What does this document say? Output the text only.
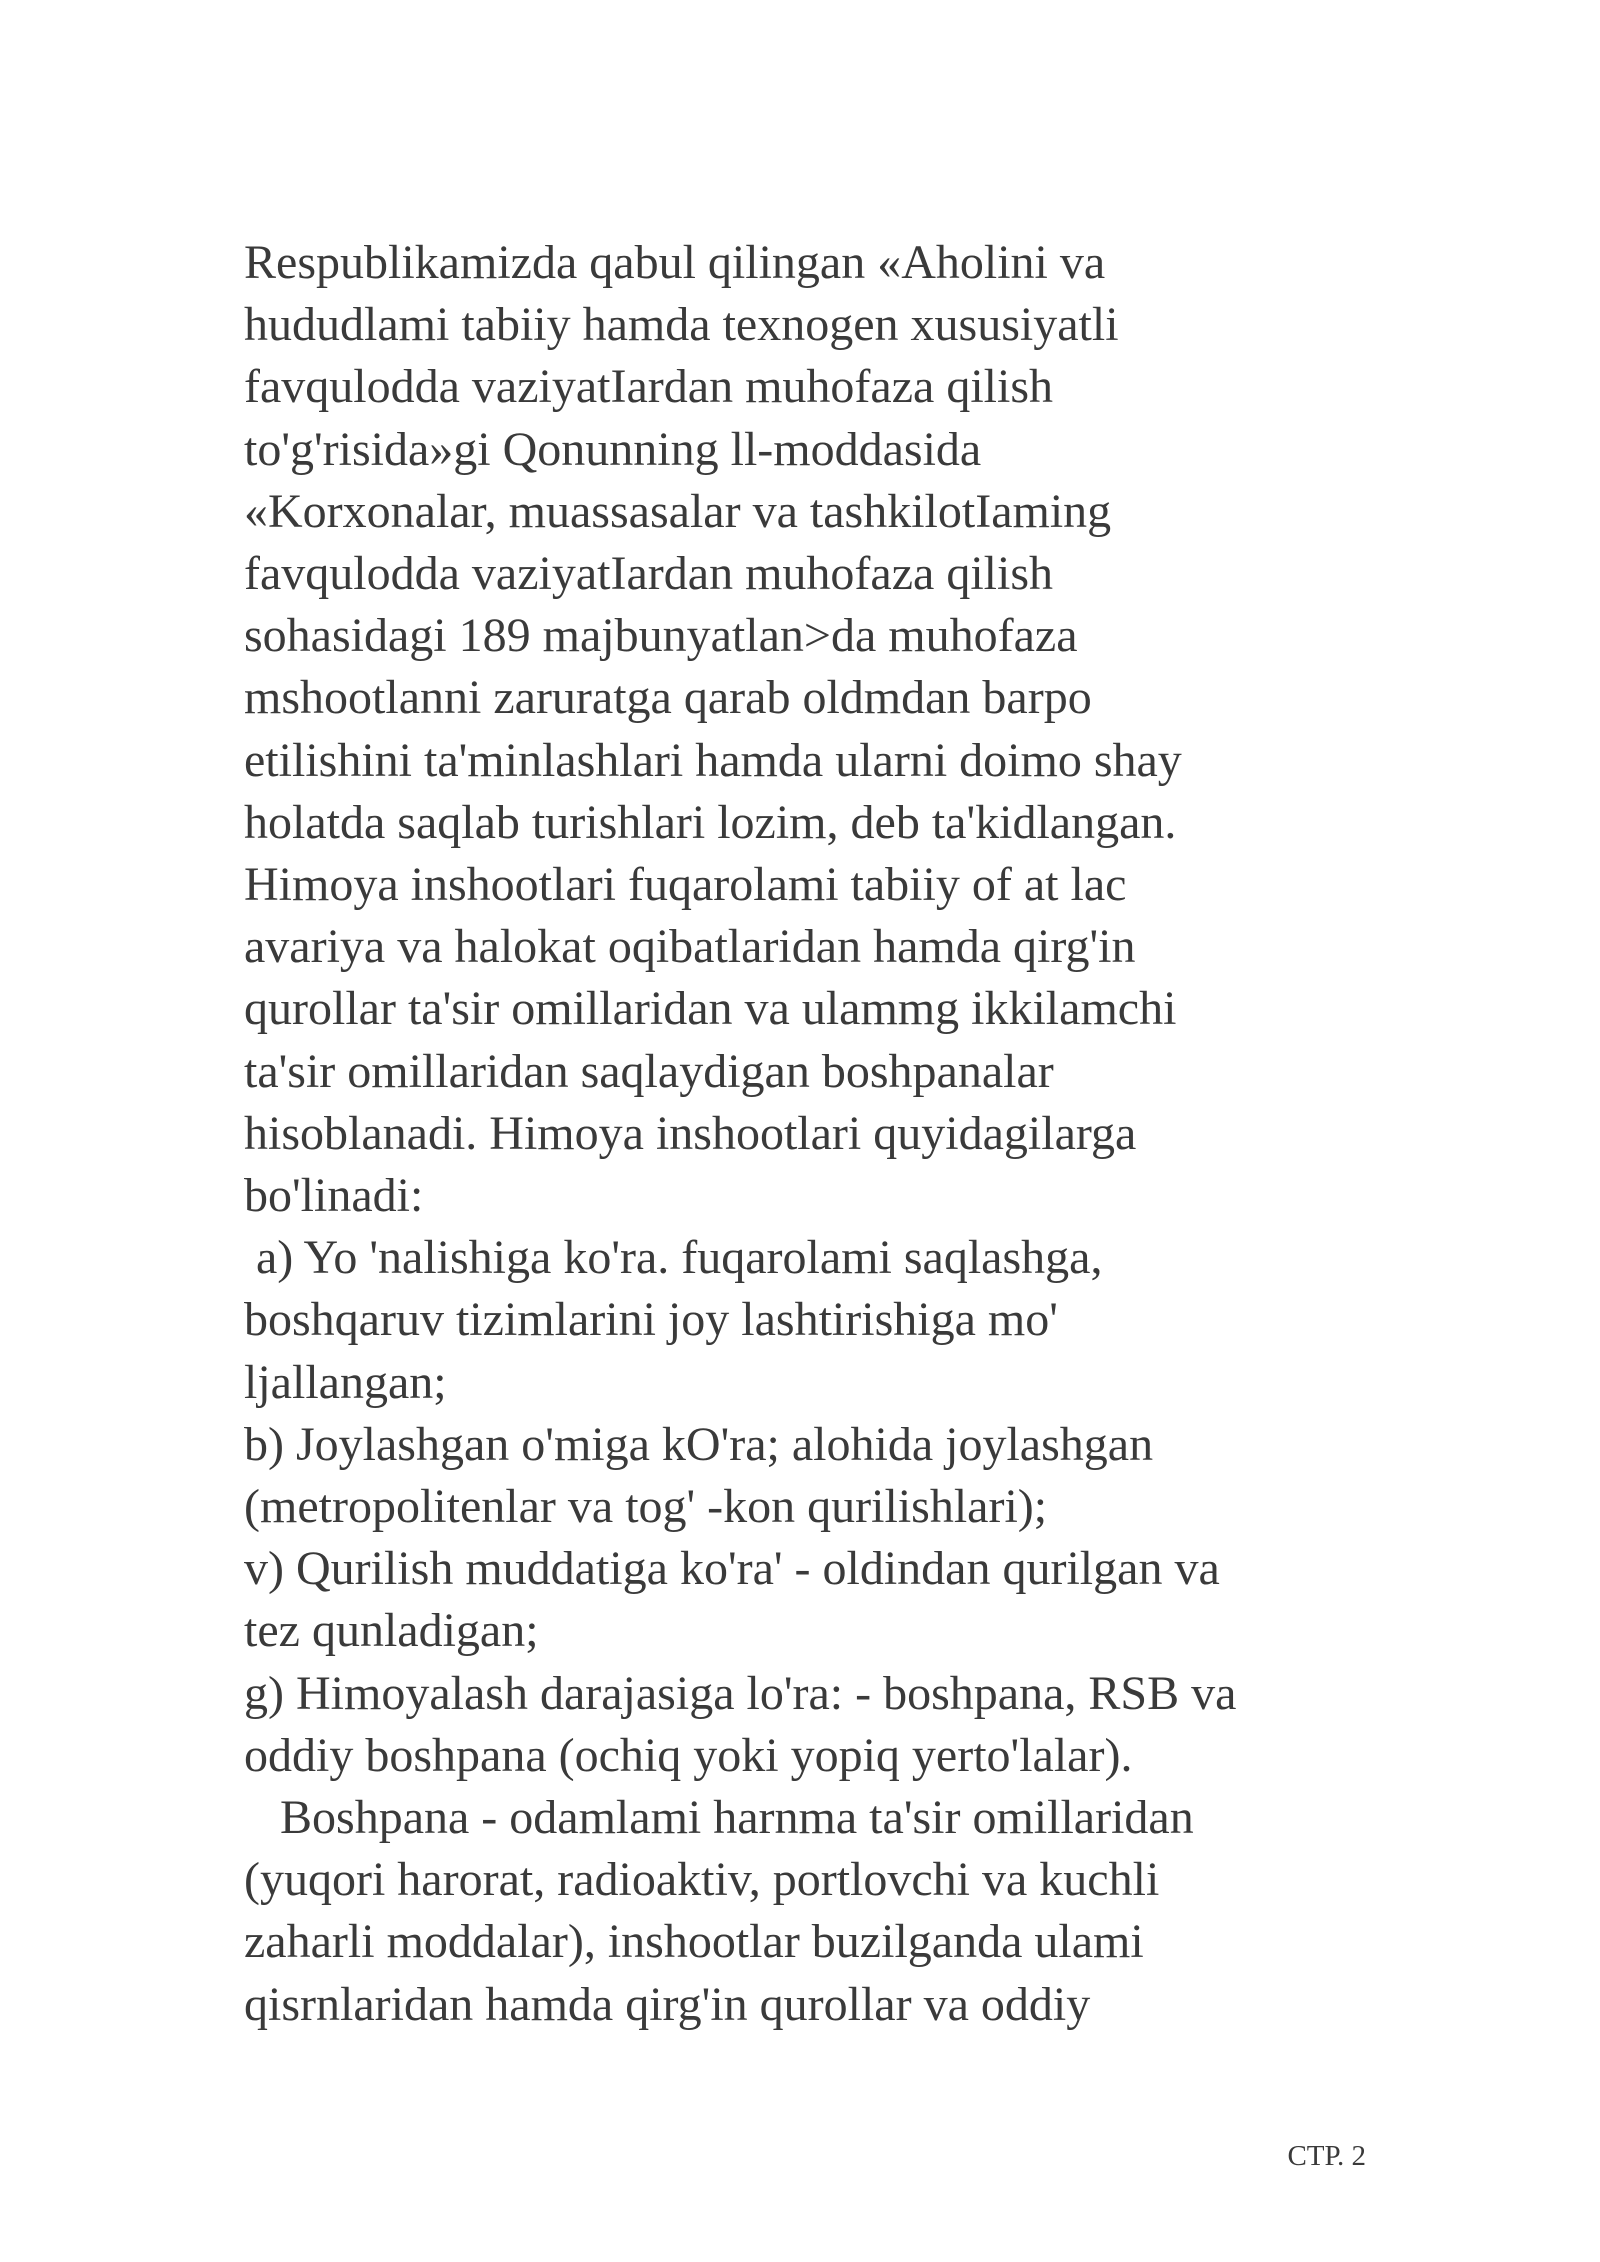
Respublikamizda qabul qilingan «Aholini va
hududlami tabiiy hamda texnogen xususiyatli
favqulodda vaziyatIardan muhofaza qilish
to'g'risida»gi Qonunning ll-moddasida
«Korxonalar, muassasalar va tashkilotIaming
favqulodda vaziyatIardan muhofaza qilish
sohasidagi 189 majbunyatlan>da muhofaza
mshootlanni zaruratga qarab oldmdan barpo
etilishini ta'minlashlari hamda ularni doimo shay
holatda saqlab turishlari lozim, deb ta'kidlangan.
Himoya inshootlari fuqarolami tabiiy of at lac
avariya va halokat oqibatlaridan hamda qirg'in
qurollar ta'sir omillaridan va ulammg ikkilamchi
ta'sir omillaridan saqlaydigan boshpanalar
hisoblanadi. Himoya inshootlari quyidagilarga
bo'linadi:
a) Yo 'nalishiga ko'ra. fuqarolami saqlashga,
boshqaruv tizimlarini joy lashtirishiga mo'
ljallangan;
b) Joylashgan o'miga kO'ra; alohida joylashgan
(metropolitenlar va tog' -kon qurilishlari);
v) Qurilish muddatiga ko'ra' - oldindan qurilgan va
tez qunladigan;
g) Himoyalash darajasiga lo'ra: - boshpana, RSB va
oddiy boshpana (ochiq yoki yopiq yerto'lalar).
Boshpana - odamlami harnma ta'sir omillaridan
(yuqori harorat, radioaktiv, portlovchi va kuchli
zaharli moddalar), inshootlar buzilganda ulami
qisrnlaridan hamda qirg'in qurollar va oddiy
СТР. 2
